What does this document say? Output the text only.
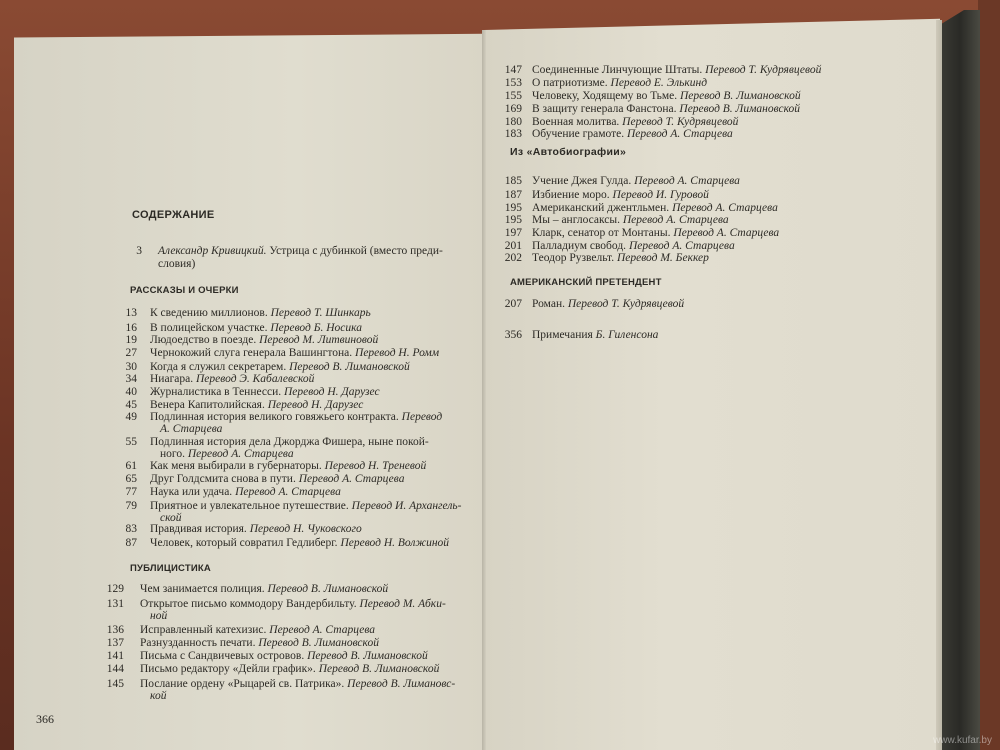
СОДЕРЖАНИЕ
3 Александр Кривицкий. Устрица с дубинкой (вместо преди-
словия)
РАССКАЗЫ И ОЧЕРКИ
13 К сведению миллионов. Перевод Т. Шинкарь
16 В полицейском участке. Перевод Б. Носика
19 Людоедство в поезде. Перевод М. Литвиновой
27 Чернокожий слуга генерала Вашингтона. Перевод Н. Ромм
30 Когда я служил секретарем. Перевод В. Лимановской
34 Ниагара. Перевод Э. Кабалевской
40 Журналистика в Теннесси. Перевод Н. Дарузес
45 Венера Капитолийская. Перевод Н. Дарузес
49 Подлинная история великого говяжьего контракта. Перевод
А. Старцева
55 Подлинная история дела Джорджа Фишера, ныне покой-
ного. Перевод А. Старцева
61 Как меня выбирали в губернаторы. Перевод Н. Треневой
65 Друг Голдсмита снова в пути. Перевод А. Старцева
77 Наука или удача. Перевод А. Старцева
79 Приятное и увлекательное путешествие. Перевод И. Архангель-
ской
83 Правдивая история. Перевод Н. Чуковского
87 Человек, который совратил Гедлиберг. Перевод Н. Волжиной
ПУБЛИЦИСТИКА
129 Чем занимается полиция. Перевод В. Лимановской
131 Открытое письмо коммодору Вандербильту. Перевод М. Абки-
ной
136 Исправленный катехизис. Перевод А. Старцева
137 Разнузданность печати. Перевод В. Лимановской
141 Письма с Сандвичевых островов. Перевод В. Лимановской
144 Письмо редактору «Дейли график». Перевод В. Лимановской
145 Послание ордену «Рыцарей св. Патрика». Перевод В. Лимановс-
кой
366
147 Соединенные Линчующие Штаты. Перевод Т. Кудрявцевой
153 О патриотизме. Перевод Е. Элькинд
155 Человеку, Ходящему во Тьме. Перевод В. Лимановской
169 В защиту генерала Фанстона. Перевод В. Лимановской
180 Военная молитва. Перевод Т. Кудрявцевой
183 Обучение грамоте. Перевод А. Старцева
Из «Автобиографии»
185 Учение Джея Гулда. Перевод А. Старцева
187 Избиение моро. Перевод И. Гуровой
195 Американский джентльмен. Перевод А. Старцева
195 Мы – англосаксы. Перевод А. Старцева
197 Кларк, сенатор от Монтаны. Перевод А. Старцева
201 Палладиум свобод. Перевод А. Старцева
202 Теодор Рузвельт. Перевод М. Беккер
АМЕРИКАНСКИЙ ПРЕТЕНДЕНТ
207 Роман. Перевод Т. Кудрявцевой
356 Примечания Б. Гиленсона
www.kufar.by
